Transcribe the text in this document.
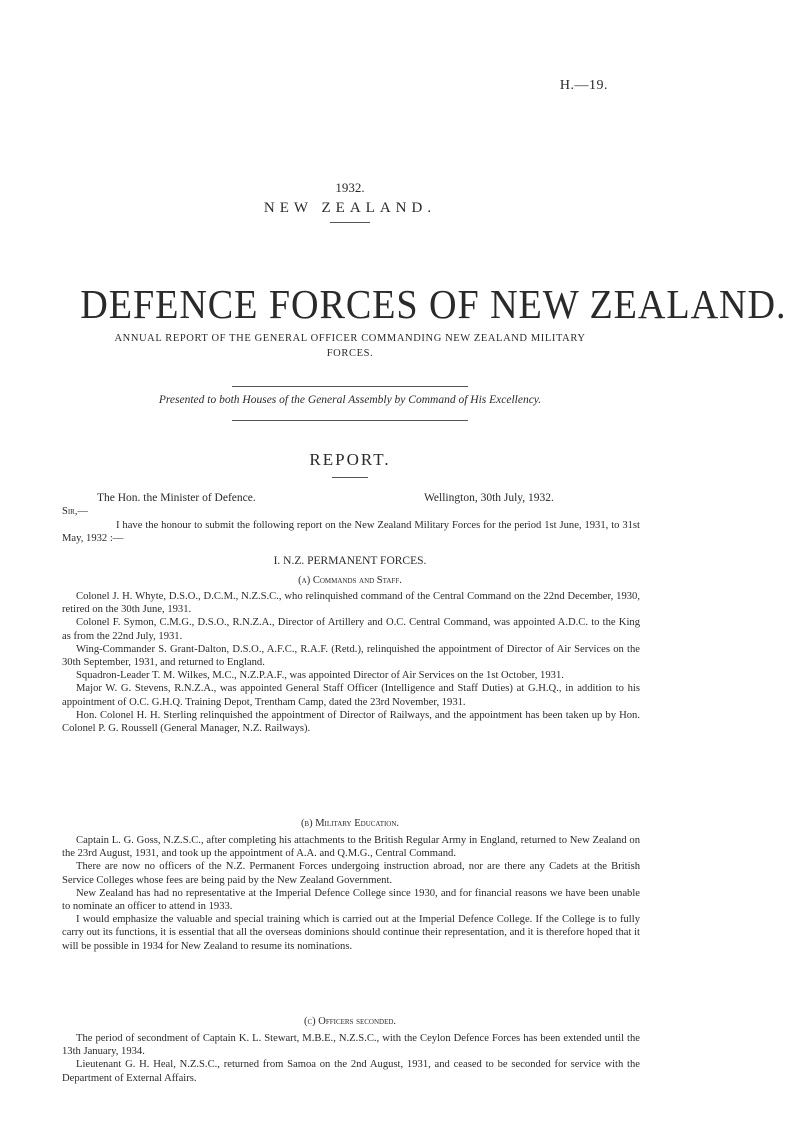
H.—19.
1932.
NEW ZEALAND.
DEFENCE FORCES OF NEW ZEALAND.
ANNUAL REPORT OF THE GENERAL OFFICER COMMANDING NEW ZEALAND MILITARY FORCES.
Presented to both Houses of the General Assembly by Command of His Excellency.
REPORT.
The Hon. the Minister of Defence.	Wellington, 30th July, 1932.
Sir,—

I have the honour to submit the following report on the New Zealand Military Forces for the period 1st June, 1931, to 31st May, 1932 :—

I. N.Z. PERMANENT FORCES.
(a) Commands and Staff.

Colonel J. H. Whyte, D.S.O., D.C.M., N.Z.S.C., who relinquished command of the Central Command on the 22nd December, 1930, retired on the 30th June, 1931.

Colonel F. Symon, C.M.G., D.S.O., R.N.Z.A., Director of Artillery and O.C. Central Command, was appointed A.D.C. to the King as from the 22nd July, 1931.

Wing-Commander S. Grant-Dalton, D.S.O., A.F.C., R.A.F. (Retd.), relinquished the appointment of Director of Air Services on the 30th September, 1931, and returned to England.

Squadron-Leader T. M. Wilkes, M.C., N.Z.P.A.F., was appointed Director of Air Services on the 1st October, 1931.

Major W. G. Stevens, R.N.Z.A., was appointed General Staff Officer (Intelligence and Staff Duties) at G.H.Q., in addition to his appointment of O.C. G.H.Q. Training Depot, Trentham Camp, dated the 23rd November, 1931.

Hon. Colonel H. H. Sterling relinquished the appointment of Director of Railways, and the appointment has been taken up by Hon. Colonel P. G. Roussell (General Manager, N.Z. Railways).

(b) Military Education.

Captain L. G. Goss, N.Z.S.C., after completing his attachments to the British Regular Army in England, returned to New Zealand on the 23rd August, 1931, and took up the appointment of A.A. and Q.M.G., Central Command.

There are now no officers of the N.Z. Permanent Forces undergoing instruction abroad, nor are there any Cadets at the British Service Colleges whose fees are being paid by the New Zealand Government.

New Zealand has had no representative at the Imperial Defence College since 1930, and for financial reasons we have been unable to nominate an officer to attend in 1933.

I would emphasize the valuable and special training which is carried out at the Imperial Defence College. If the College is to fully carry out its functions, it is essential that all the overseas dominions should continue their representation, and it is therefore hoped that it will be possible in 1934 for New Zealand to resume its nominations.

(c) Officers seconded.

The period of secondment of Captain K. L. Stewart, M.B.E., N.Z.S.C., with the Ceylon Defence Forces has been extended until the 13th January, 1934.

Lieutenant G. H. Heal, N.Z.S.C., returned from Samoa on the 2nd August, 1931, and ceased to be seconded for service with the Department of External Affairs.
